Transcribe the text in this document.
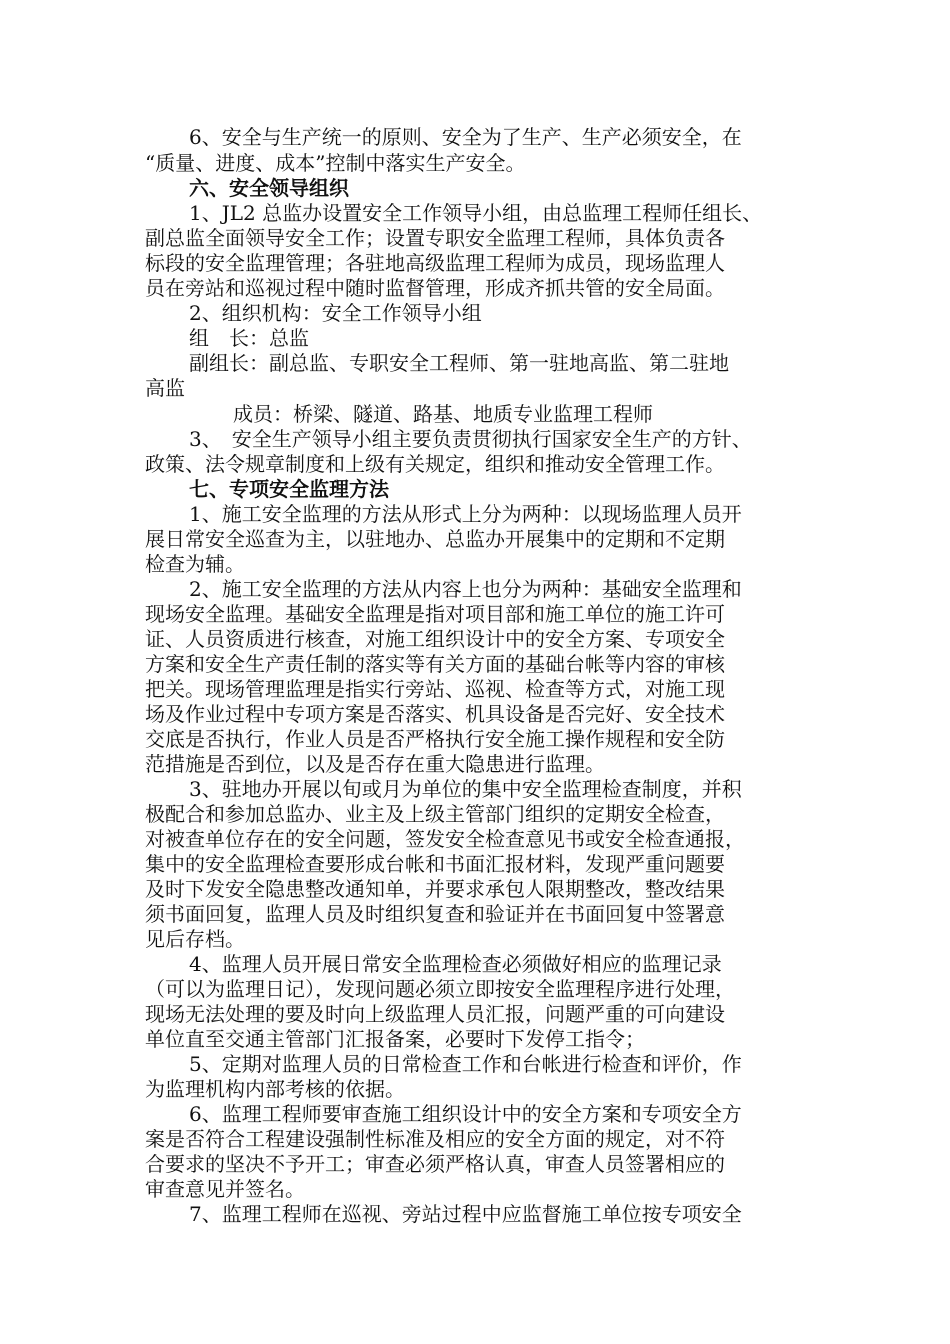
6、安全与生产统一的原则、安全为了生产、生产必须安全，在
“质量、进度、成本”控制中落实生产安全。
六、安全领导组织
1、JL2 总监办设置安全工作领导小组，由总监理工程师任组长、
副总监全面领导安全工作；设置专职安全监理工程师，具体负责各
标段的安全监理管理；各驻地高级监理工程师为成员，现场监理人
员在旁站和巡视过程中随时监督管理，形成齐抓共管的安全局面。
2、组织机构：安全工作领导小组
组　长：总监
副组长：副总监、专职安全工程师、第一驻地高监、第二驻地
高监
成员：桥梁、隧道、路基、地质专业监理工程师
3、　安全生产领导小组主要负责贯彻执行国家安全生产的方针、
政策、法令规章制度和上级有关规定，组织和推动安全管理工作。
七、专项安全监理方法
1、施工安全监理的方法从形式上分为两种：以现场监理人员开
展日常安全巡查为主，以驻地办、总监办开展集中的定期和不定期
检查为辅。
2、施工安全监理的方法从内容上也分为两种：基础安全监理和
现场安全监理。基础安全监理是指对项目部和施工单位的施工许可
证、人员资质进行核查，对施工组织设计中的安全方案、专项安全
方案和安全生产责任制的落实等有关方面的基础台帐等内容的审核
把关。现场管理监理是指实行旁站、巡视、检查等方式，对施工现
场及作业过程中专项方案是否落实、机具设备是否完好、安全技术
交底是否执行，作业人员是否严格执行安全施工操作规程和安全防
范措施是否到位，以及是否存在重大隐患进行监理。
3、驻地办开展以旬或月为单位的集中安全监理检查制度，并积
极配合和参加总监办、业主及上级主管部门组织的定期安全检查，
对被查单位存在的安全问题，签发安全检查意见书或安全检查通报，
集中的安全监理检查要形成台帐和书面汇报材料，发现严重问题要
及时下发安全隐患整改通知单，并要求承包人限期整改，整改结果
须书面回复，监理人员及时组织复查和验证并在书面回复中签署意
见后存档。
4、监理人员开展日常安全监理检查必须做好相应的监理记录
（可以为监理日记），发现问题必须立即按安全监理程序进行处理，
现场无法处理的要及时向上级监理人员汇报，问题严重的可向建设
单位直至交通主管部门汇报备案，必要时下发停工指令；
5、定期对监理人员的日常检查工作和台帐进行检查和评价，作
为监理机构内部考核的依据。
6、监理工程师要审查施工组织设计中的安全方案和专项安全方
案是否符合工程建设强制性标准及相应的安全方面的规定，对不符
合要求的坚决不予开工；审查必须严格认真，审查人员签署相应的
审查意见并签名。
7、监理工程师在巡视、旁站过程中应监督施工单位按专项安全
